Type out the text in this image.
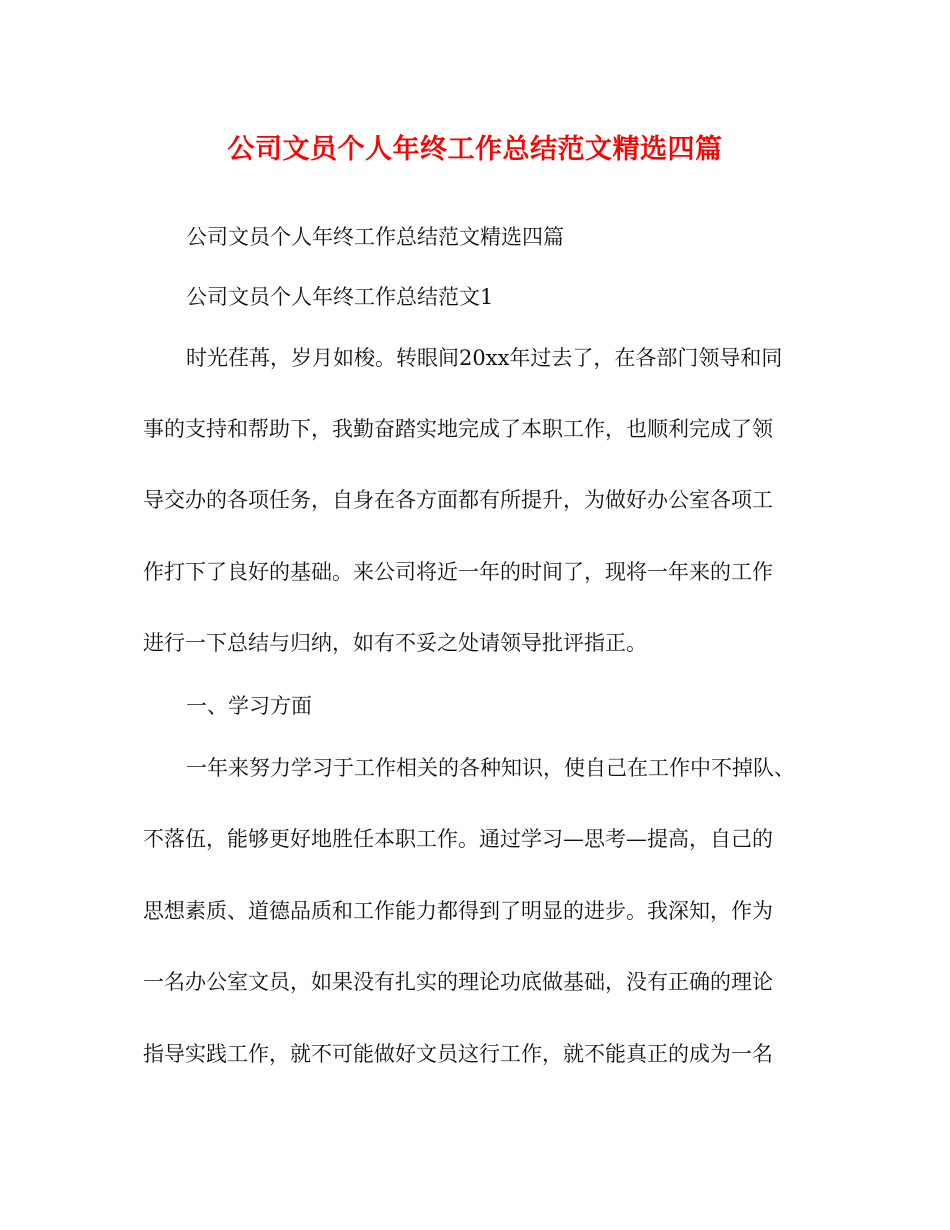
公司文员个人年终工作总结范文精选四篇
公司文员个人年终工作总结范文精选四篇
公司文员个人年终工作总结范文1
时光荏苒，岁月如梭。转眼间20xx年过去了，在各部门领导和同
事的支持和帮助下，我勤奋踏实地完成了本职工作，也顺利完成了领
导交办的各项任务，自身在各方面都有所提升，为做好办公室各项工
作打下了良好的基础。来公司将近一年的时间了，现将一年来的工作
进行一下总结与归纳，如有不妥之处请领导批评指正。
一、学习方面
一年来努力学习于工作相关的各种知识，使自己在工作中不掉队、
不落伍，能够更好地胜任本职工作。通过学习—思考—提高，自己的
思想素质、道德品质和工作能力都得到了明显的进步。我深知，作为
一名办公室文员，如果没有扎实的理论功底做基础，没有正确的理论
指导实践工作，就不可能做好文员这行工作，就不能真正的成为一名
